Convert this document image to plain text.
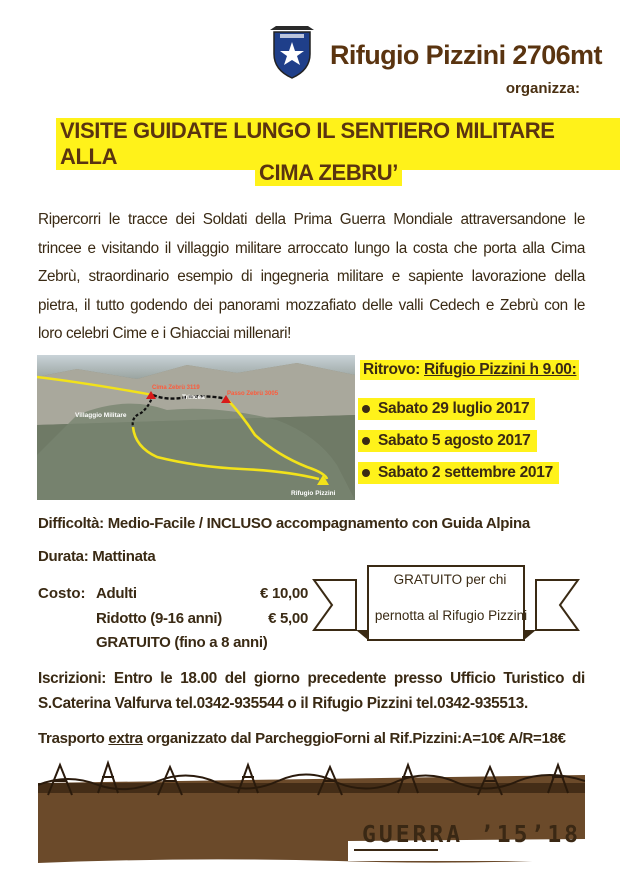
Rifugio Pizzini 2706mt
organizza:
VISITE GUIDATE LUNGO IL SENTIERO MILITARE ALLA
CIMA ZEBRU’
Ripercorri le tracce dei Soldati della Prima Guerra Mondiale attraversandone le trincee e visitando il villaggio militare arroccato lungo la costa che porta alla Cima Zebrù, straordinario esempio di ingegneria militare e sapiente lavorazione della pietra, il tutto godendo dei panorami mozzafiato delle valli Cedech e Zebrù con le loro celebri Cime e i Ghiacciai millenari!
Cima Zebrù 3119
Trincea	Passo Zebrù 3005
Villaggio Militare
Rifugio Pizzini
Ritrovo: Rifugio Pizzini h 9.00:
Sabato 29 luglio 2017
Sabato 5 agosto 2017
Sabato 2 settembre 2017
Difficoltà: Medio-Facile / INCLUSO accompagnamento con Guida Alpina
Durata: Mattinata
Costo: Adulti	€ 10,00
Ridotto (9-16 anni)	€ 5,00
GRATUITO (fino a 8 anni)
GRATUITO per chi
pernotta al Rifugio Pizzini
Iscrizioni: Entro le 18.00 del giorno precedente presso Ufficio Turistico di S.Caterina Valfurva tel.0342-935544 o il Rifugio Pizzini tel.0342-935513.
Trasporto extra organizzato dal ParcheggioForni al Rif.Pizzini:A=10€ A/R=18€
GUERRA ’15’18
